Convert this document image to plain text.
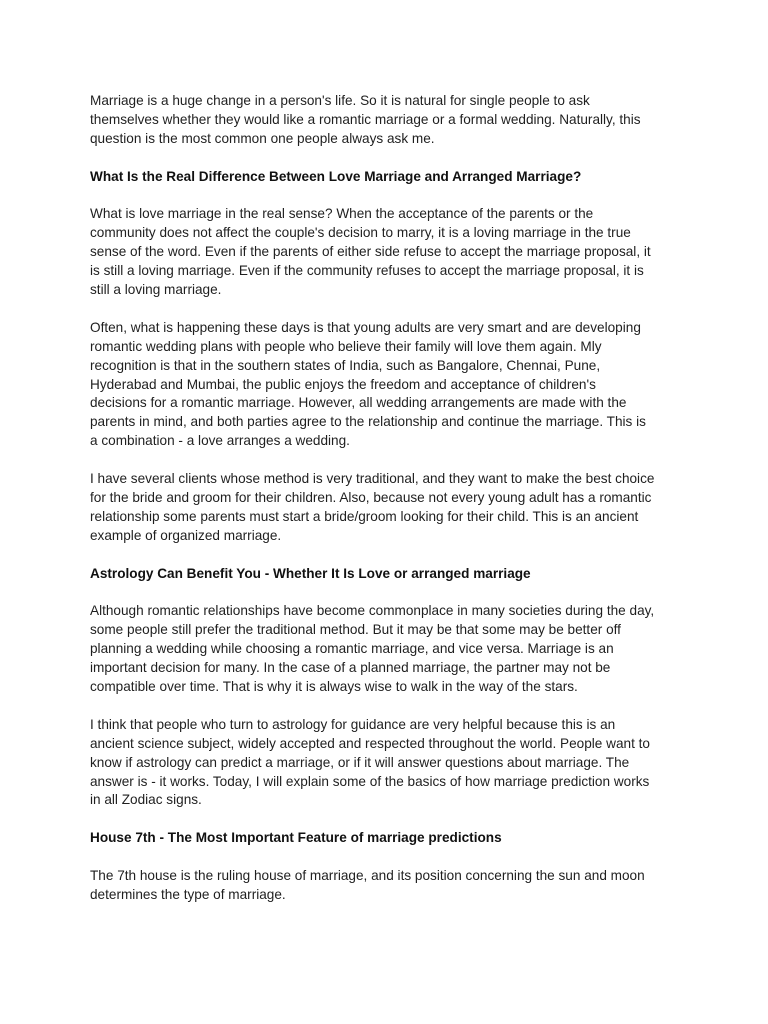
Marriage is a huge change in a person's life. So it is natural for single people to ask themselves whether they would like a romantic marriage or a formal wedding. Naturally, this question is the most common one people always ask me.

What Is the Real Difference Between Love Marriage and Arranged Marriage?

What is love marriage in the real sense? When the acceptance of the parents or the community does not affect the couple's decision to marry, it is a loving marriage in the true sense of the word. Even if the parents of either side refuse to accept the marriage proposal, it is still a loving marriage. Even if the community refuses to accept the marriage proposal, it is still a loving marriage.

Often, what is happening these days is that young adults are very smart and are developing romantic wedding plans with people who believe their family will love them again. Mly recognition is that in the southern states of India, such as Bangalore, Chennai, Pune, Hyderabad and Mumbai, the public enjoys the freedom and acceptance of children's decisions for a romantic marriage. However, all wedding arrangements are made with the parents in mind, and both parties agree to the relationship and continue the marriage. This is a combination - a love arranges a wedding.

I have several clients whose method is very traditional, and they want to make the best choice for the bride and groom for their children. Also, because not every young adult has a romantic relationship some parents must start a bride/groom looking for their child. This is an ancient example of organized marriage.

Astrology Can Benefit You - Whether It Is Love or arranged marriage

Although romantic relationships have become commonplace in many societies during the day, some people still prefer the traditional method. But it may be that some may be better off planning a wedding while choosing a romantic marriage, and vice versa. Marriage is an important decision for many. In the case of a planned marriage, the partner may not be compatible over time. That is why it is always wise to walk in the way of the stars.

I think that people who turn to astrology for guidance are very helpful because this is an ancient science subject, widely accepted and respected throughout the world. People want to know if astrology can predict a marriage, or if it will answer questions about marriage. The answer is - it works. Today, I will explain some of the basics of how marriage prediction works in all Zodiac signs.

House 7th - The Most Important Feature of marriage predictions

The 7th house is the ruling house of marriage, and its position concerning the sun and moon determines the type of marriage.
